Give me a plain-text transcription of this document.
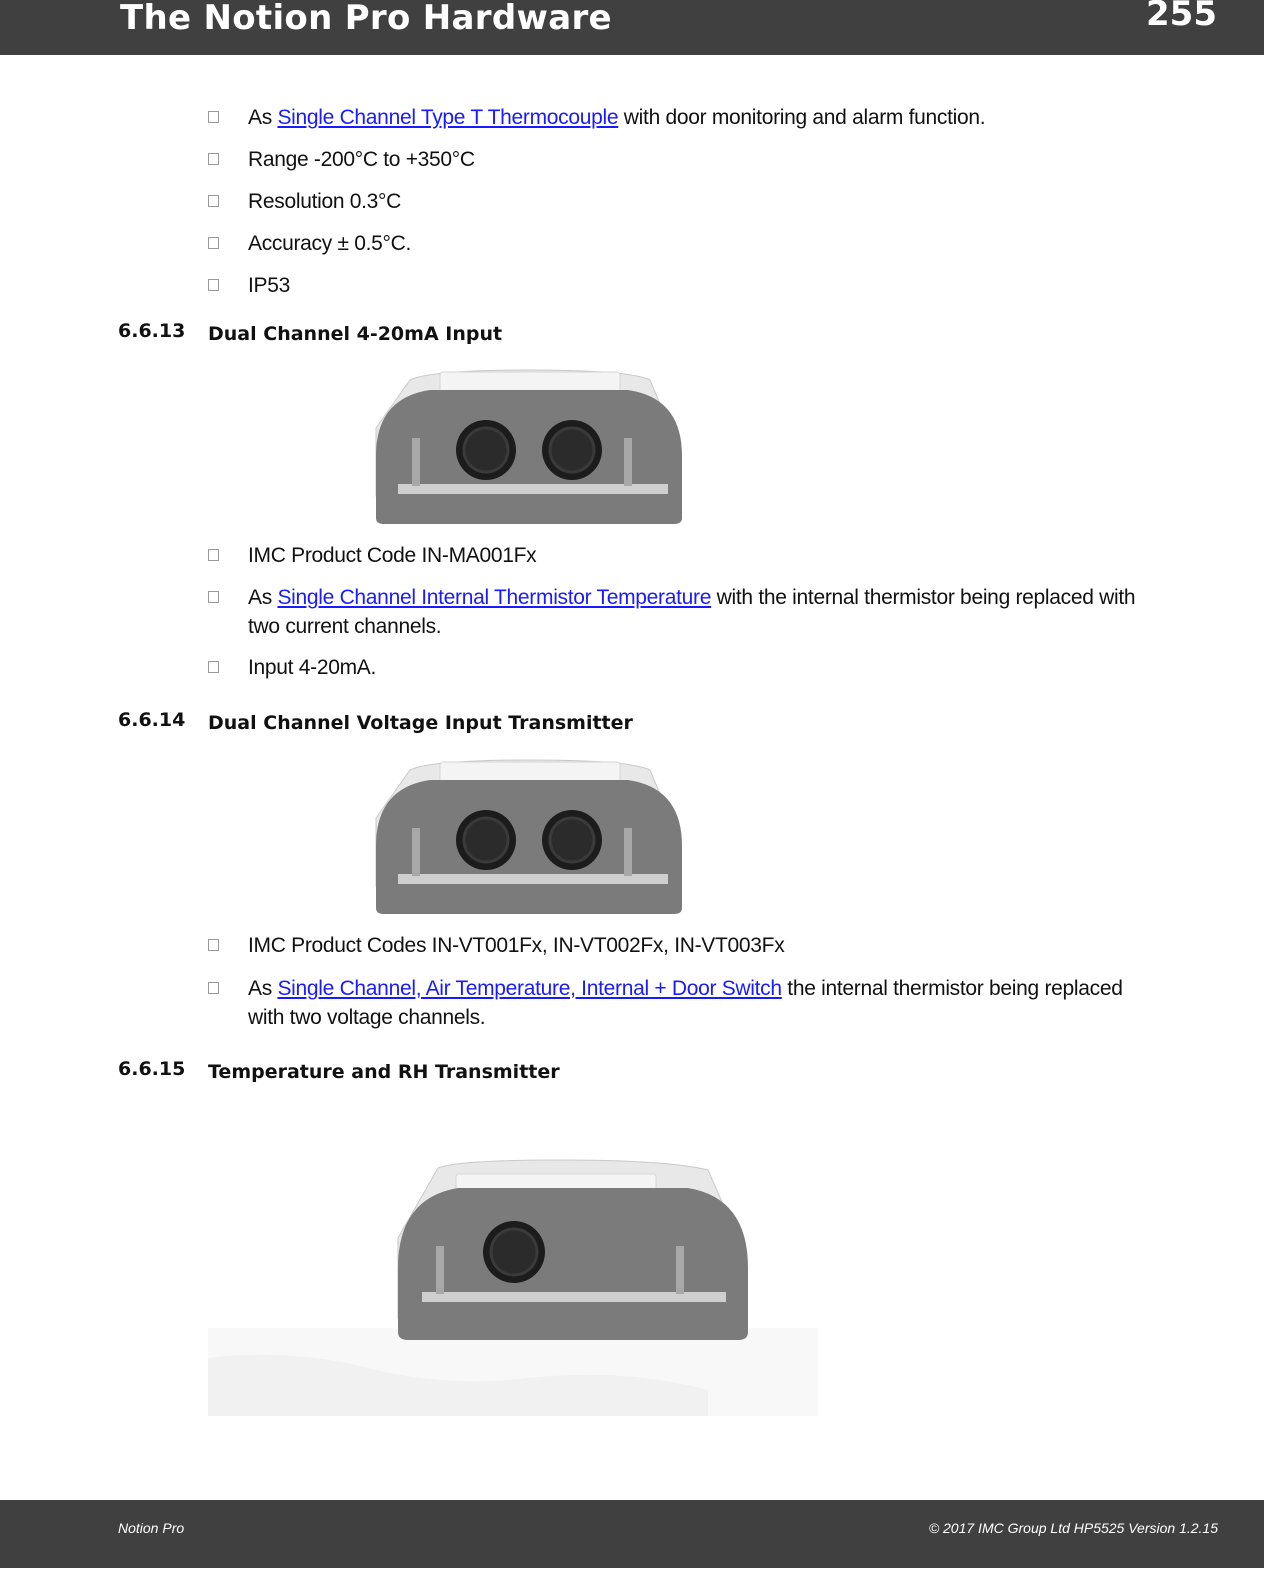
The Notion Pro Hardware	255
As Single Channel Type T Thermocouple with door monitoring and alarm function.
Range -200°C to +350°C
Resolution 0.3°C
Accuracy ± 0.5°C.
IP53
6.6.13 Dual Channel 4-20mA Input
IMC Product Code IN-MA001Fx
As Single Channel Internal Thermistor Temperature with the internal thermistor being replaced with two current channels.
Input 4-20mA.
6.6.14 Dual Channel Voltage Input Transmitter
IMC Product Codes IN-VT001Fx, IN-VT002Fx, IN-VT003Fx
As Single Channel, Air Temperature, Internal + Door Switch the internal thermistor being replaced with two voltage channels.
6.6.15 Temperature and RH Transmitter
Notion Pro	© 2017 IMC Group Ltd HP5525 Version 1.2.15
